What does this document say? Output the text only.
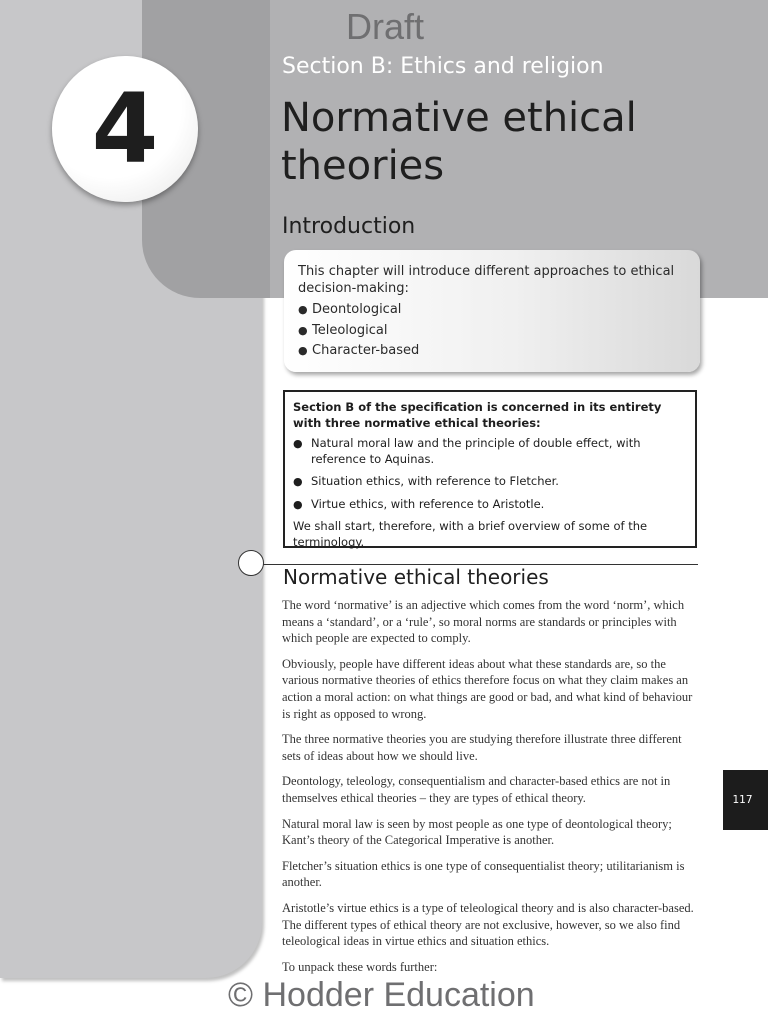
4
Draft
Section B: Ethics and religion
Normative ethical
theories
Introduction

This chapter will introduce different approaches to ethical decision-making:

● Deontological
● Teleological
● Character-based

Section B of the specification is concerned in its entirety with three normative ethical theories:

● Natural moral law and the principle of double effect, with reference to Aquinas.
● Situation ethics, with reference to Fletcher.
● Virtue ethics, with reference to Aristotle.

We shall start, therefore, with a brief overview of some of the terminology.

Normative ethical theories

The word ‘normative’ is an adjective which comes from the word ‘norm’, which means a ‘standard’, or a ‘rule’, so moral norms are standards or principles with which people are expected to comply.

Obviously, people have different ideas about what these standards are, so the various normative theories of ethics therefore focus on what they claim makes an action a moral action: on what things are good or bad, and what kind of behaviour is right as opposed to wrong.

The three normative theories you are studying therefore illustrate three different sets of ideas about how we should live.

Deontology, teleology, consequentialism and character-based ethics are not in themselves ethical theories – they are types of ethical theory.

Natural moral law is seen by most people as one type of deontological theory; Kant’s theory of the Categorical Imperative is another.

Fletcher’s situation ethics is one type of consequentialist theory; utilitarianism is another.

Aristotle’s virtue ethics is a type of teleological theory and is also character-based. The different types of ethical theory are not exclusive, however, so we also find teleological ideas in virtue ethics and situation ethics.

To unpack these words further:

117
© Hodder Education
